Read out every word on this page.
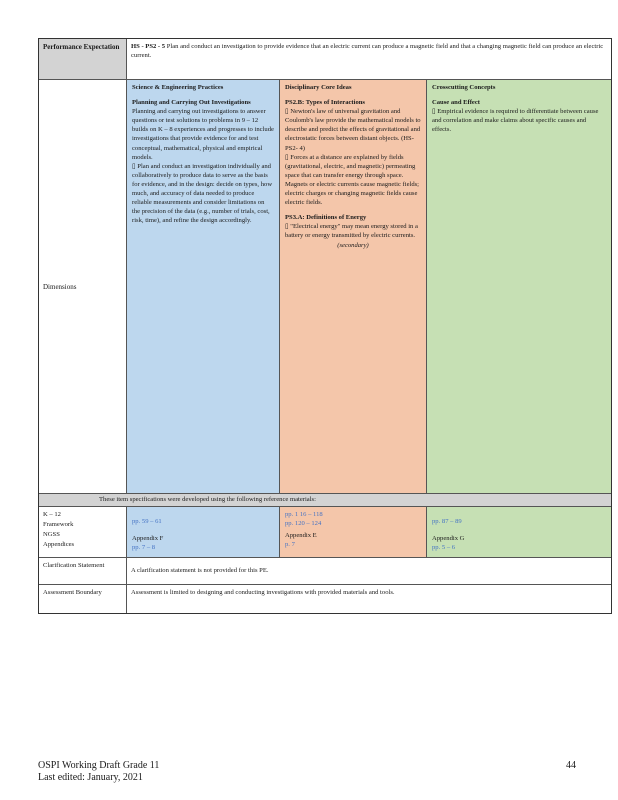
Performance Expectation	HS - PS2 - 5 Plan and conduct an investigation to provide evidence that an electric current can produce a magnetic field and that a changing magnetic field can produce an electric current.
Dimensions
Science & Engineering Practices
Planning and Carrying Out Investigations
Planning and carrying out investigations to answer questions or test solutions to problems in 9 – 12 builds on K – 8 experiences and progresses to include investigations that provide evidence for and test conceptual, mathematical, physical and empirical models.
▯ Plan and conduct an investigation individually and collaboratively to produce data to serve as the basis for evidence, and in the design: decide on types, how much, and accuracy of data needed to produce reliable measurements and consider limitations on the precision of the data (e.g., number of trials, cost, risk, time), and refine the design accordingly.
Disciplinary Core Ideas
PS2.B: Types of Interactions
▯ Newton's law of universal gravitation and Coulomb's law provide the mathematical models to describe and predict the effects of gravitational and electrostatic forces between distant objects. (HS- PS2- 4)
▯ Forces at a distance are explained by fields (gravitational, electric, and magnetic) permeating space that can transfer energy through space. Magnets or electric currents cause magnetic fields; electric charges or changing magnetic fields cause electric fields.
PS3.A: Definitions of Energy
▯ "Electrical energy" may mean energy stored in a battery or energy transmitted by electric currents.
(secondary)
Crosscutting Concepts
Cause and Effect
▯ Empirical evidence is required to differentiate between cause and correlation and make claims about specific causes and effects.
These item specifications were developed using the following reference materials:
K – 12
Framework
NGSS
Appendices
pp. 59 – 61
Appendix F
pp. 7 – 8
pp. 1 16 – 118
pp. 120 – 124
Appendix E
p. 7
pp. 87 – 89
Appendix G
pp. 5 – 6
Clarification Statement
A clarification statement is not provided for this PE.
Assessment Boundary	Assessment is limited to designing and conducting investigations with provided materials and tools.
OSPI Working Draft Grade 11
Last edited: January, 2021
44
